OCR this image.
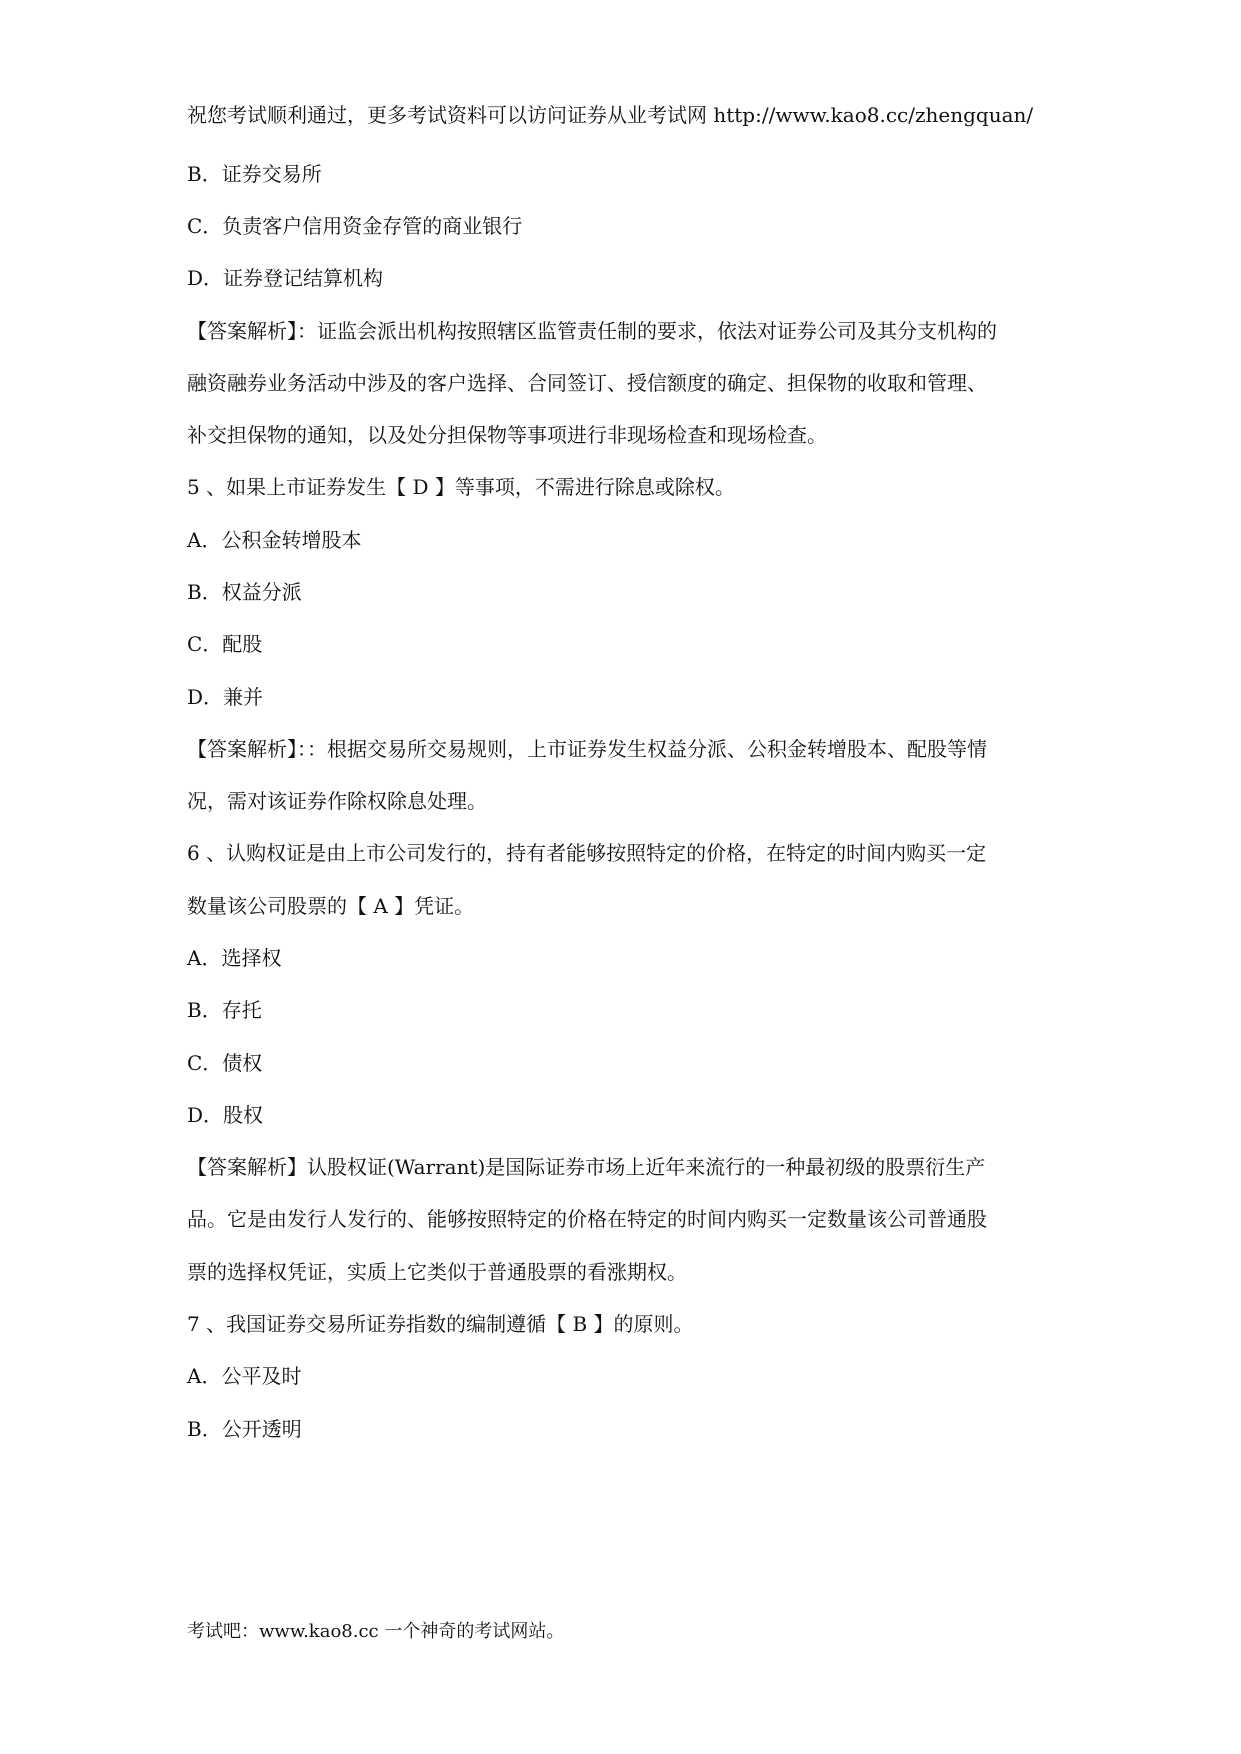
祝您考试顺利通过，更多考试资料可以访问证券从业考试网 http://www.kao8.cc/zhengquan/
B．证券交易所
C．负责客户信用资金存管的商业银行
D．证券登记结算机构
【答案解析】：证监会派出机构按照辖区监管责任制的要求，依法对证券公司及其分支机构的
融资融券业务活动中涉及的客户选择、合同签订、授信额度的确定、担保物的收取和管理、
补交担保物的通知，以及处分担保物等事项进行非现场检查和现场检查。
5 、如果上市证券发生【 D 】等事项，不需进行除息或除权。
A．公积金转增股本
B．权益分派
C．配股
D．兼并
【答案解析】：：根据交易所交易规则，上市证券发生权益分派、公积金转增股本、配股等情
况，需对该证券作除权除息处理。
6 、认购权证是由上市公司发行的，持有者能够按照特定的价格，在特定的时间内购买一定
数量该公司股票的【 A 】凭证。
A．选择权
B．存托
C．债权
D．股权
【答案解析】认股权证(Warrant)是国际证券市场上近年来流行的一种最初级的股票衍生产
品。它是由发行人发行的、能够按照特定的价格在特定的时间内购买一定数量该公司普通股
票的选择权凭证，实质上它类似于普通股票的看涨期权。
7 、我国证券交易所证券指数的编制遵循【 B 】的原则。
A．公平及时
B．公开透明
考试吧：www.kao8.cc 一个神奇的考试网站。
